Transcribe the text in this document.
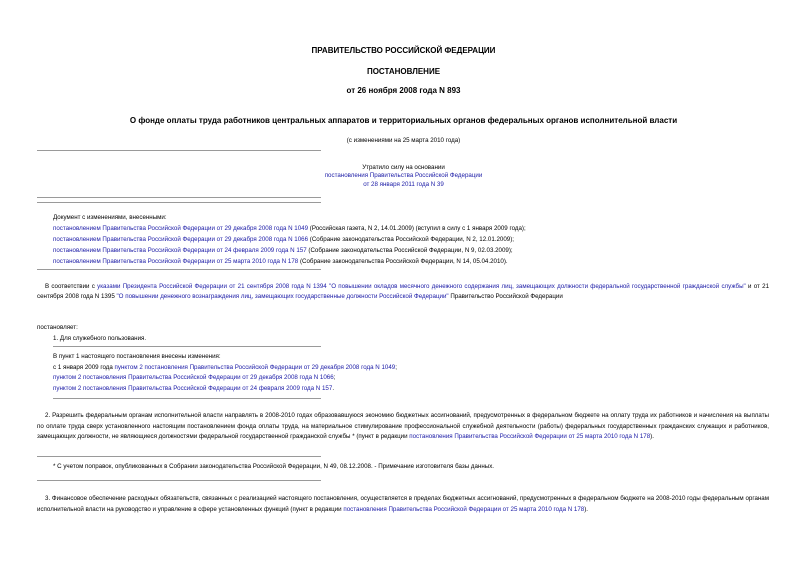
ПРАВИТЕЛЬСТВО РОССИЙСКОЙ ФЕДЕРАЦИИ
ПОСТАНОВЛЕНИЕ
от 26 ноября 2008 года N 893
О фонде оплаты труда работников центральных аппаратов и территориальных органов федеральных органов исполнительной власти
(с изменениями на 25 марта 2010 года)
Утратило силу на основании
постановления Правительства Российской Федерации
от 28 января 2011 года N 39
Документ с изменениями, внесенными:
постановлением Правительства Российской Федерации от 29 декабря 2008 года N 1049 (Российская газета, N 2, 14.01.2009) (вступил в силу с 1 января 2009 года);
постановлением Правительства Российской Федерации от 29 декабря 2008 года N 1066 (Собрание законодательства Российской Федерации, N 2, 12.01.2009);
постановлением Правительства Российской Федерации от 24 февраля 2009 года N 157 (Собрание законодательства Российской Федерации, N 9, 02.03.2009);
постановлением Правительства Российской Федерации от 25 марта 2010 года N 178 (Собрание законодательства Российской Федерации, N 14, 05.04.2010).

В соответствии с указами Президента Российской Федерации от 21 сентября 2008 года N 1394 "О повышении окладов месячного денежного содержания лиц, замещающих должности федеральной государственной гражданской службы" и от 21 сентября 2008 года N 1395 "О повышении денежного вознаграждения лиц, замещающих государственные должности Российской Федерации" Правительство Российской Федерации

постановляет:
1. Для служебного пользования.
В пункт 1 настоящего постановления внесены изменения:
с 1 января 2009 года пунктом 2 постановления Правительства Российской Федерации от 29 декабря 2008 года N 1049;
пунктом 2 постановления Правительства Российской Федерации от 29 декабря 2008 года N 1066;
пунктом 2 постановления Правительства Российской Федерации от 24 февраля 2009 года N 157.

2. Разрешить федеральным органам исполнительной власти направлять в 2008-2010 годах образовавшуюся экономию бюджетных ассигнований, предусмотренных в федеральном бюджете на оплату труда их работников и начисления на выплаты по оплате труда сверх установленного настоящим постановлением фонда оплаты труда, на материальное стимулирование профессиональной служебной деятельности (работы) федеральных государственных гражданских служащих и работников, замещающих должности, не являющиеся должностями федеральной государственной гражданской службы * (пункт в редакции постановления Правительства Российской Федерации от 25 марта 2010 года N 178).

* С учетом поправок, опубликованных в Собрании законодательства Российской Федерации, N 49, 08.12.2008. - Примечание изготовителя базы данных.

3. Финансовое обеспечение расходных обязательств, связанных с реализацией настоящего постановления, осуществляется в пределах бюджетных ассигнований, предусмотренных в федеральном бюджете на 2008-2010 годы федеральным органам исполнительной власти на руководство и управление в сфере установленных функций (пункт в редакции постановления Правительства Российской Федерации от 25 марта 2010 года N 178).
